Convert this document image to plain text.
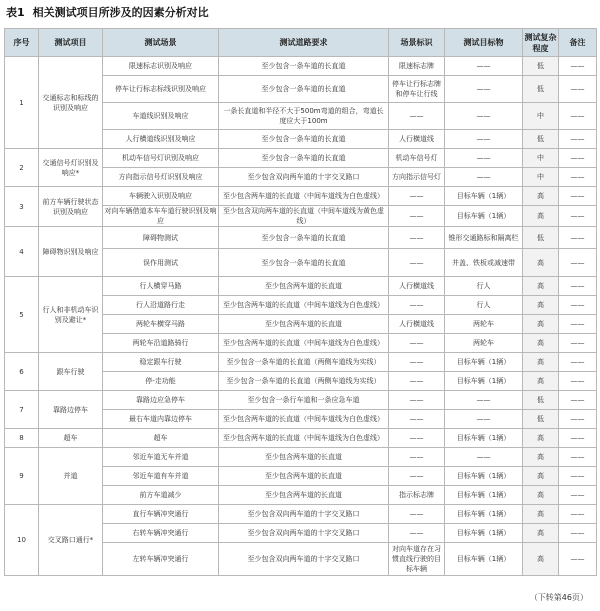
表1 相关测试项目所涉及的因素分析对比
序号	测试项目	测试场景	测试道路要求	场景标识	测试目标物	测试复杂程度	备注
1	交通标志和标线的识别及响应	限速标志识别及响应	至少包含一条车道的长直道	限速标志牌	——	低	——
		停车让行标志标线识别及响应	至少包含一条车道的长直道	停车让行标志牌和停车让行线	——	低	——
		车道线识别及响应	一条长直道和半径不大于500m弯道的组合，弯道长度应大于100m	——	——	中	——
		人行横道线识别及响应	至少包含一条车道的长直道	人行横道线	——	低	——
2	交通信号灯识别及响应*	机动车信号灯识别及响应	至少包含一条车道的长直道	机动车信号灯	——	中	——
		方向指示信号灯识别及响应	至少包含双向两车道的十字交叉路口	方向指示信号灯	——	中	——
3	前方车辆行驶状态识别及响应	车辆驶入识别及响应	至少包含两车道的长直道（中间车道线为白色虚线）	——	目标车辆（1辆）	高	——
		对向车辆借道本车车道行驶识别及响应	至少包含双向两车道的长直道（中间车道线为黄色虚线）	——	目标车辆（1辆）	高	——
4	障碍物识别及响应	障碍物测试	至少包含一条车道的长直道	——	锥形交通路标和隔离栏	低	——
		误作用测试	至少包含一条车道的长直道	——	井盖、铁板或减速带	高	——
5	行人和非机动车识别及避让*	行人横穿马路	至少包含两车道的长直道	人行横道线	行人	高	——
		行人沿道路行走	至少包含两车道的长直道（中间车道线为白色虚线）	——	行人	高	——
		两轮车横穿马路	至少包含两车道的长直道	人行横道线	两轮车	高	——
		两轮车沿道路骑行	至少包含两车道的长直道（中间车道线为白色虚线）	——	两轮车	高	——
6	跟车行驶	稳定跟车行驶	至少包含一条车道的长直道（两侧车道线为实线）	——	目标车辆（1辆）	高	——
		停-走功能	至少包含一条车道的长直道（两侧车道线为实线）	——	目标车辆（1辆）	高	——
7	靠路边停车	靠路边应急停车	至少包含一条行车道和一条应急车道	——	——	低	——
		最右车道内靠边停车	至少包含两车道的长直道（中间车道线为白色虚线）	——	——	低	——
8	超车	超车	至少包含两车道的长直道（中间车道线为白色虚线）	——	目标车辆（1辆）	高	——
9	并道	邻近车道无车并道	至少包含两车道的长直道	——	——	高	——
		邻近车道有车并道	至少包含两车道的长直道	——	目标车辆（1辆）	高	——
		前方车道减少	至少包含两车道的长直道	指示标志牌	目标车辆（1辆）	高	——
10	交叉路口通行*	直行车辆冲突通行	至少包含双向两车道的十字交叉路口	——	目标车辆（1辆）	高	——
		右转车辆冲突通行	至少包含双向两车道的十字交叉路口	——	目标车辆（1辆）	高	——
		左转车辆冲突通行	至少包含双向两车道的十字交叉路口	对向车道存在习惯直线行驶的目标车辆	目标车辆（1辆）	高	——
（下转第46页）
